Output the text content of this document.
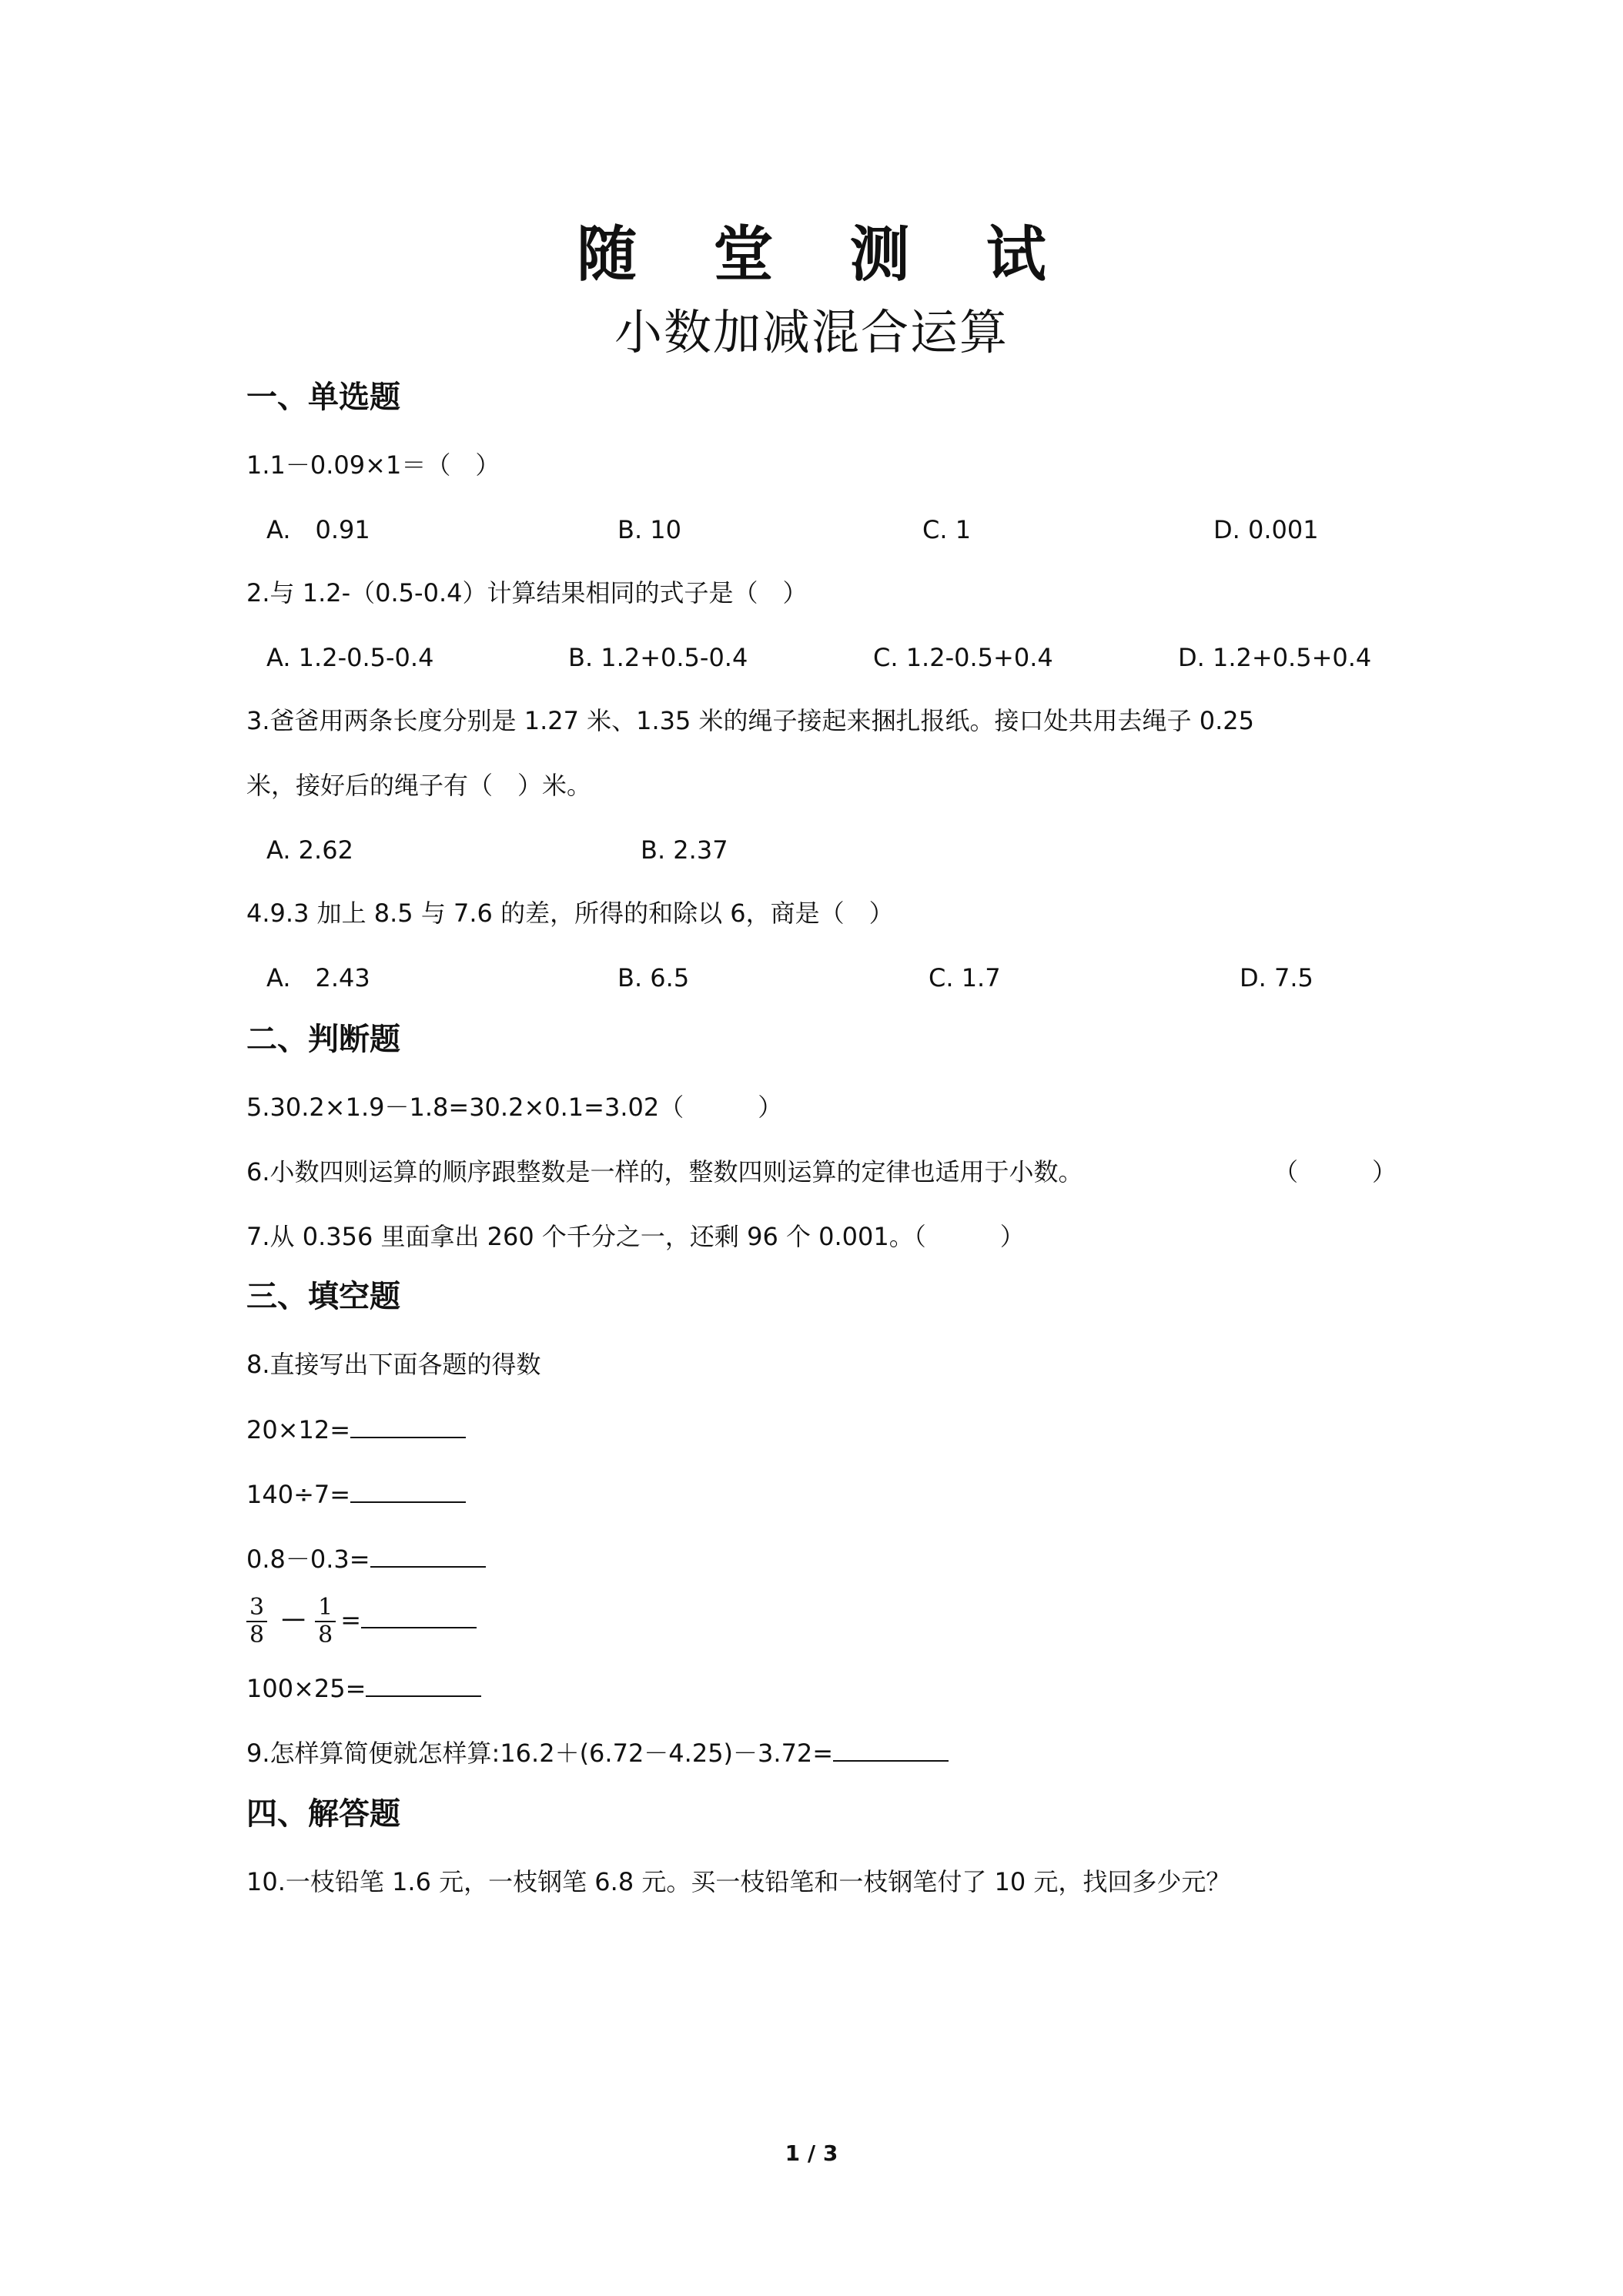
随 堂 测 试
小数加减混合运算
一、单选题
1.1－0.09×1＝（　）
A.　0.91	B. 10	C. 1	D. 0.001
2.与 1.2-（0.5-0.4）计算结果相同的式子是（　）
A. 1.2-0.5-0.4	B. 1.2+0.5-0.4	C. 1.2-0.5+0.4	D. 1.2+0.5+0.4
3.爸爸用两条长度分别是 1.27 米、1.35 米的绳子接起来捆扎报纸。接口处共用去绳子 0.25
米，接好后的绳子有（　）米。
A. 2.62	B. 2.37
4.9.3 加上 8.5 与 7.6 的差，所得的和除以 6，商是（　）
A.　2.43	B. 6.5	C. 1.7	D. 7.5
二、判断题
5.30.2×1.9－1.8=30.2×0.1=3.02（　　　）
6.小数四则运算的顺序跟整数是一样的，整数四则运算的定律也适用于小数。	（　　　）
7.从 0.356 里面拿出 260 个千分之一，还剩 96 个 0.001。（　　　）
三、填空题
8.直接写出下面各题的得数
20×12=
140÷7=
0.8－0.3=
$\frac{3}{8} - \frac{1}{8}$ =
100×25=
9.怎样算简便就怎样算:16.2＋(6.72－4.25)－3.72=
四、解答题
10.一枝铅笔 1.6 元，一枝钢笔 6.8 元。买一枝铅笔和一枝钢笔付了 10 元，找回多少元？
1 / 3
